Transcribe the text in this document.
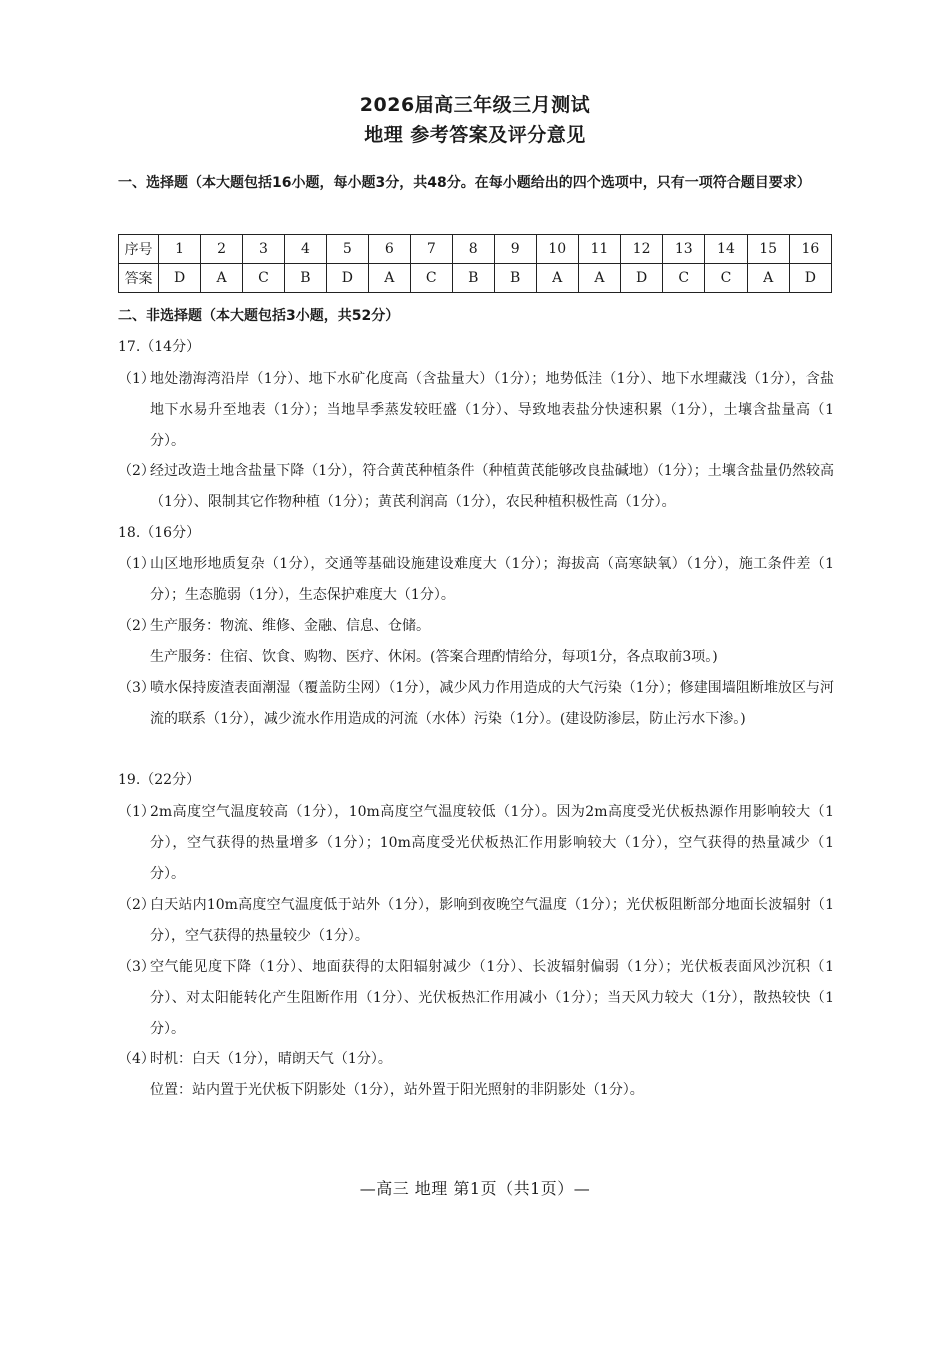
2026届高三年级三月测试
地理 参考答案及评分意见
一、选择题（本大题包括16小题，每小题3分，共48分。在每小题给出的四个选项中，只有一项符合题目要求）
序号	1	2	3	4	5	6	7	8	9	10	11	12	13	14	15	16
答案	D	A	C	B	D	A	C	B	B	A	A	D	C	C	A	D
二、非选择题（本大题包括3小题，共52分）
17.（14分）
（1）
地处渤海湾沿岸（1分）、地下水矿化度高（含盐量大）（1分）；地势低洼（1分）、地下水埋藏浅（1分），含盐地下水易升至地表（1分）；当地旱季蒸发较旺盛（1分）、导致地表盐分快速积累（1分），土壤含盐量高（1分）。
（2）
经过改造土地含盐量下降（1分），符合黄芪种植条件（种植黄芪能够改良盐碱地）（1分）；土壤含盐量仍然较高（1分）、限制其它作物种植（1分）；黄芪利润高（1分），农民种植积极性高（1分）。
18.（16分）
（1）
山区地形地质复杂（1分），交通等基础设施建设难度大（1分）；海拔高（高寒缺氧）（1分），施工条件差（1分）；生态脆弱（1分），生态保护难度大（1分）。
（2）
生产服务：物流、维修、金融、信息、仓储。
生产服务：住宿、饮食、购物、医疗、休闲。(答案合理酌情给分，每项1分，各点取前3项。)
（3）
喷水保持废渣表面潮湿（覆盖防尘网）（1分），减少风力作用造成的大气污染（1分）；修建围墙阻断堆放区与河流的联系（1分），减少流水作用造成的河流（水体）污染（1分）。(建设防渗层，防止污水下渗。)
19.（22分）
（1）
2m高度空气温度较高（1分），10m高度空气温度较低（1分）。因为2m高度受光伏板热源作用影响较大（1分），空气获得的热量增多（1分）；10m高度受光伏板热汇作用影响较大（1分），空气获得的热量减少（1分）。
（2）
白天站内10m高度空气温度低于站外（1分），影响到夜晚空气温度（1分）；光伏板阻断部分地面长波辐射（1分），空气获得的热量较少（1分）。
（3）
空气能见度下降（1分）、地面获得的太阳辐射减少（1分）、长波辐射偏弱（1分）；光伏板表面风沙沉积（1分）、对太阳能转化产生阻断作用（1分）、光伏板热汇作用减小（1分）；当天风力较大（1分），散热较快（1分）。
（4）
时机：白天（1分），晴朗天气（1分）。
位置：站内置于光伏板下阴影处（1分），站外置于阳光照射的非阴影处（1分）。
—高三 地理 第1页（共1页）—
